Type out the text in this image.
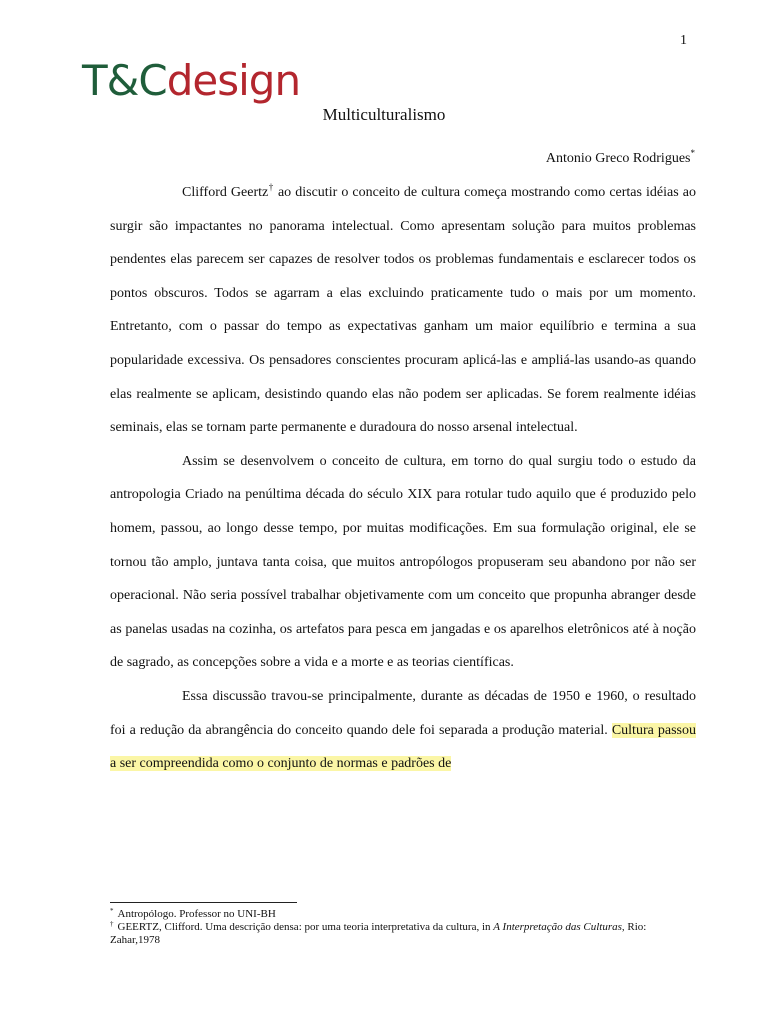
1
T&Cdesign
Multiculturalismo
Antonio Greco Rodrigues*

Clifford Geertz† ao discutir o conceito de cultura começa mostrando como certas idéias ao surgir são impactantes no panorama intelectual. Como apresentam solução para muitos problemas pendentes elas parecem ser capazes de resolver todos os problemas fundamentais e esclarecer todos os pontos obscuros. Todos se agarram a elas excluindo praticamente tudo o mais por um momento. Entretanto, com o passar do tempo as expectativas ganham um maior equilíbrio e termina a sua popularidade excessiva. Os pensadores conscientes procuram aplicá-las e ampliá-las usando-as quando elas realmente se aplicam, desistindo quando elas não podem ser aplicadas. Se forem realmente idéias seminais, elas se tornam parte permanente e duradoura do nosso arsenal intelectual.

Assim se desenvolvem o conceito de cultura, em torno do qual surgiu todo o estudo da antropologia Criado na penúltima década do século XIX para rotular tudo aquilo que é produzido pelo homem, passou, ao longo desse tempo, por muitas modificações. Em sua formulação original, ele se tornou tão amplo, juntava tanta coisa, que muitos antropólogos propuseram seu abandono por não ser operacional. Não seria possível trabalhar objetivamente com um conceito que propunha abranger desde as panelas usadas na cozinha, os artefatos para pesca em jangadas e os aparelhos eletrônicos até à noção de sagrado, as concepções sobre a vida e a morte e as teorias científicas.

Essa discussão travou-se principalmente, durante as décadas de 1950 e 1960, o resultado foi a redução da abrangência do conceito quando dele foi separada a produção material. Cultura passou a ser compreendida como o conjunto de normas e padrões de

* Antropólogo. Professor no UNI-BH
† GEERTZ, Clifford. Uma descrição densa: por uma teoria interpretativa da cultura, in A Interpretação das Culturas, Rio: Zahar,1978
